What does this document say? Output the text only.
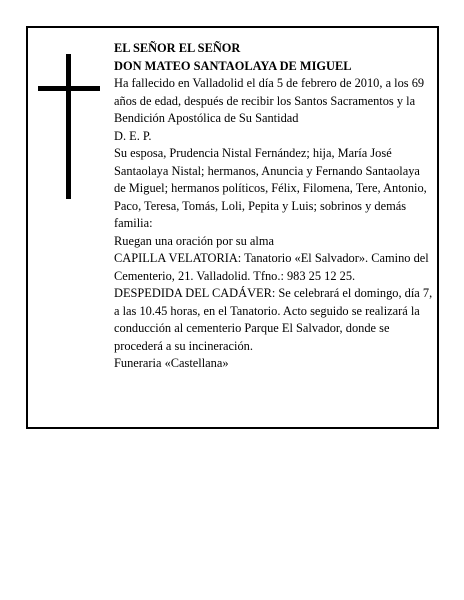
EL SEÑOR EL SEÑOR

DON MATEO SANTAOLAYA DE MIGUEL

Ha fallecido en Valladolid el día 5 de febrero de 2010, a los 69 años de edad, después de recibir los Santos Sacramentos y la Bendición Apostólica de Su Santidad

D. E. P.

Su esposa, Prudencia Nistal Fernández; hija, María José Santaolaya Nistal; hermanos, Anuncia y Fernando Santaolaya de Miguel; hermanos políticos, Félix, Filomena, Tere, Antonio, Paco, Teresa, Tomás, Loli, Pepita y Luis; sobrinos y demás familia:

Ruegan una oración por su alma

CAPILLA VELATORIA: Tanatorio «El Salvador». Camino del Cementerio, 21. Valladolid. Tfno.: 983 25 12 25.

DESPEDIDA DEL CADÁVER: Se celebrará el domingo, día 7, a las 10.45 horas, en el Tanatorio. Acto seguido se realizará la conducción al cementerio Parque El Salvador, donde se procederá a su incineración.

Funeraria «Castellana»
